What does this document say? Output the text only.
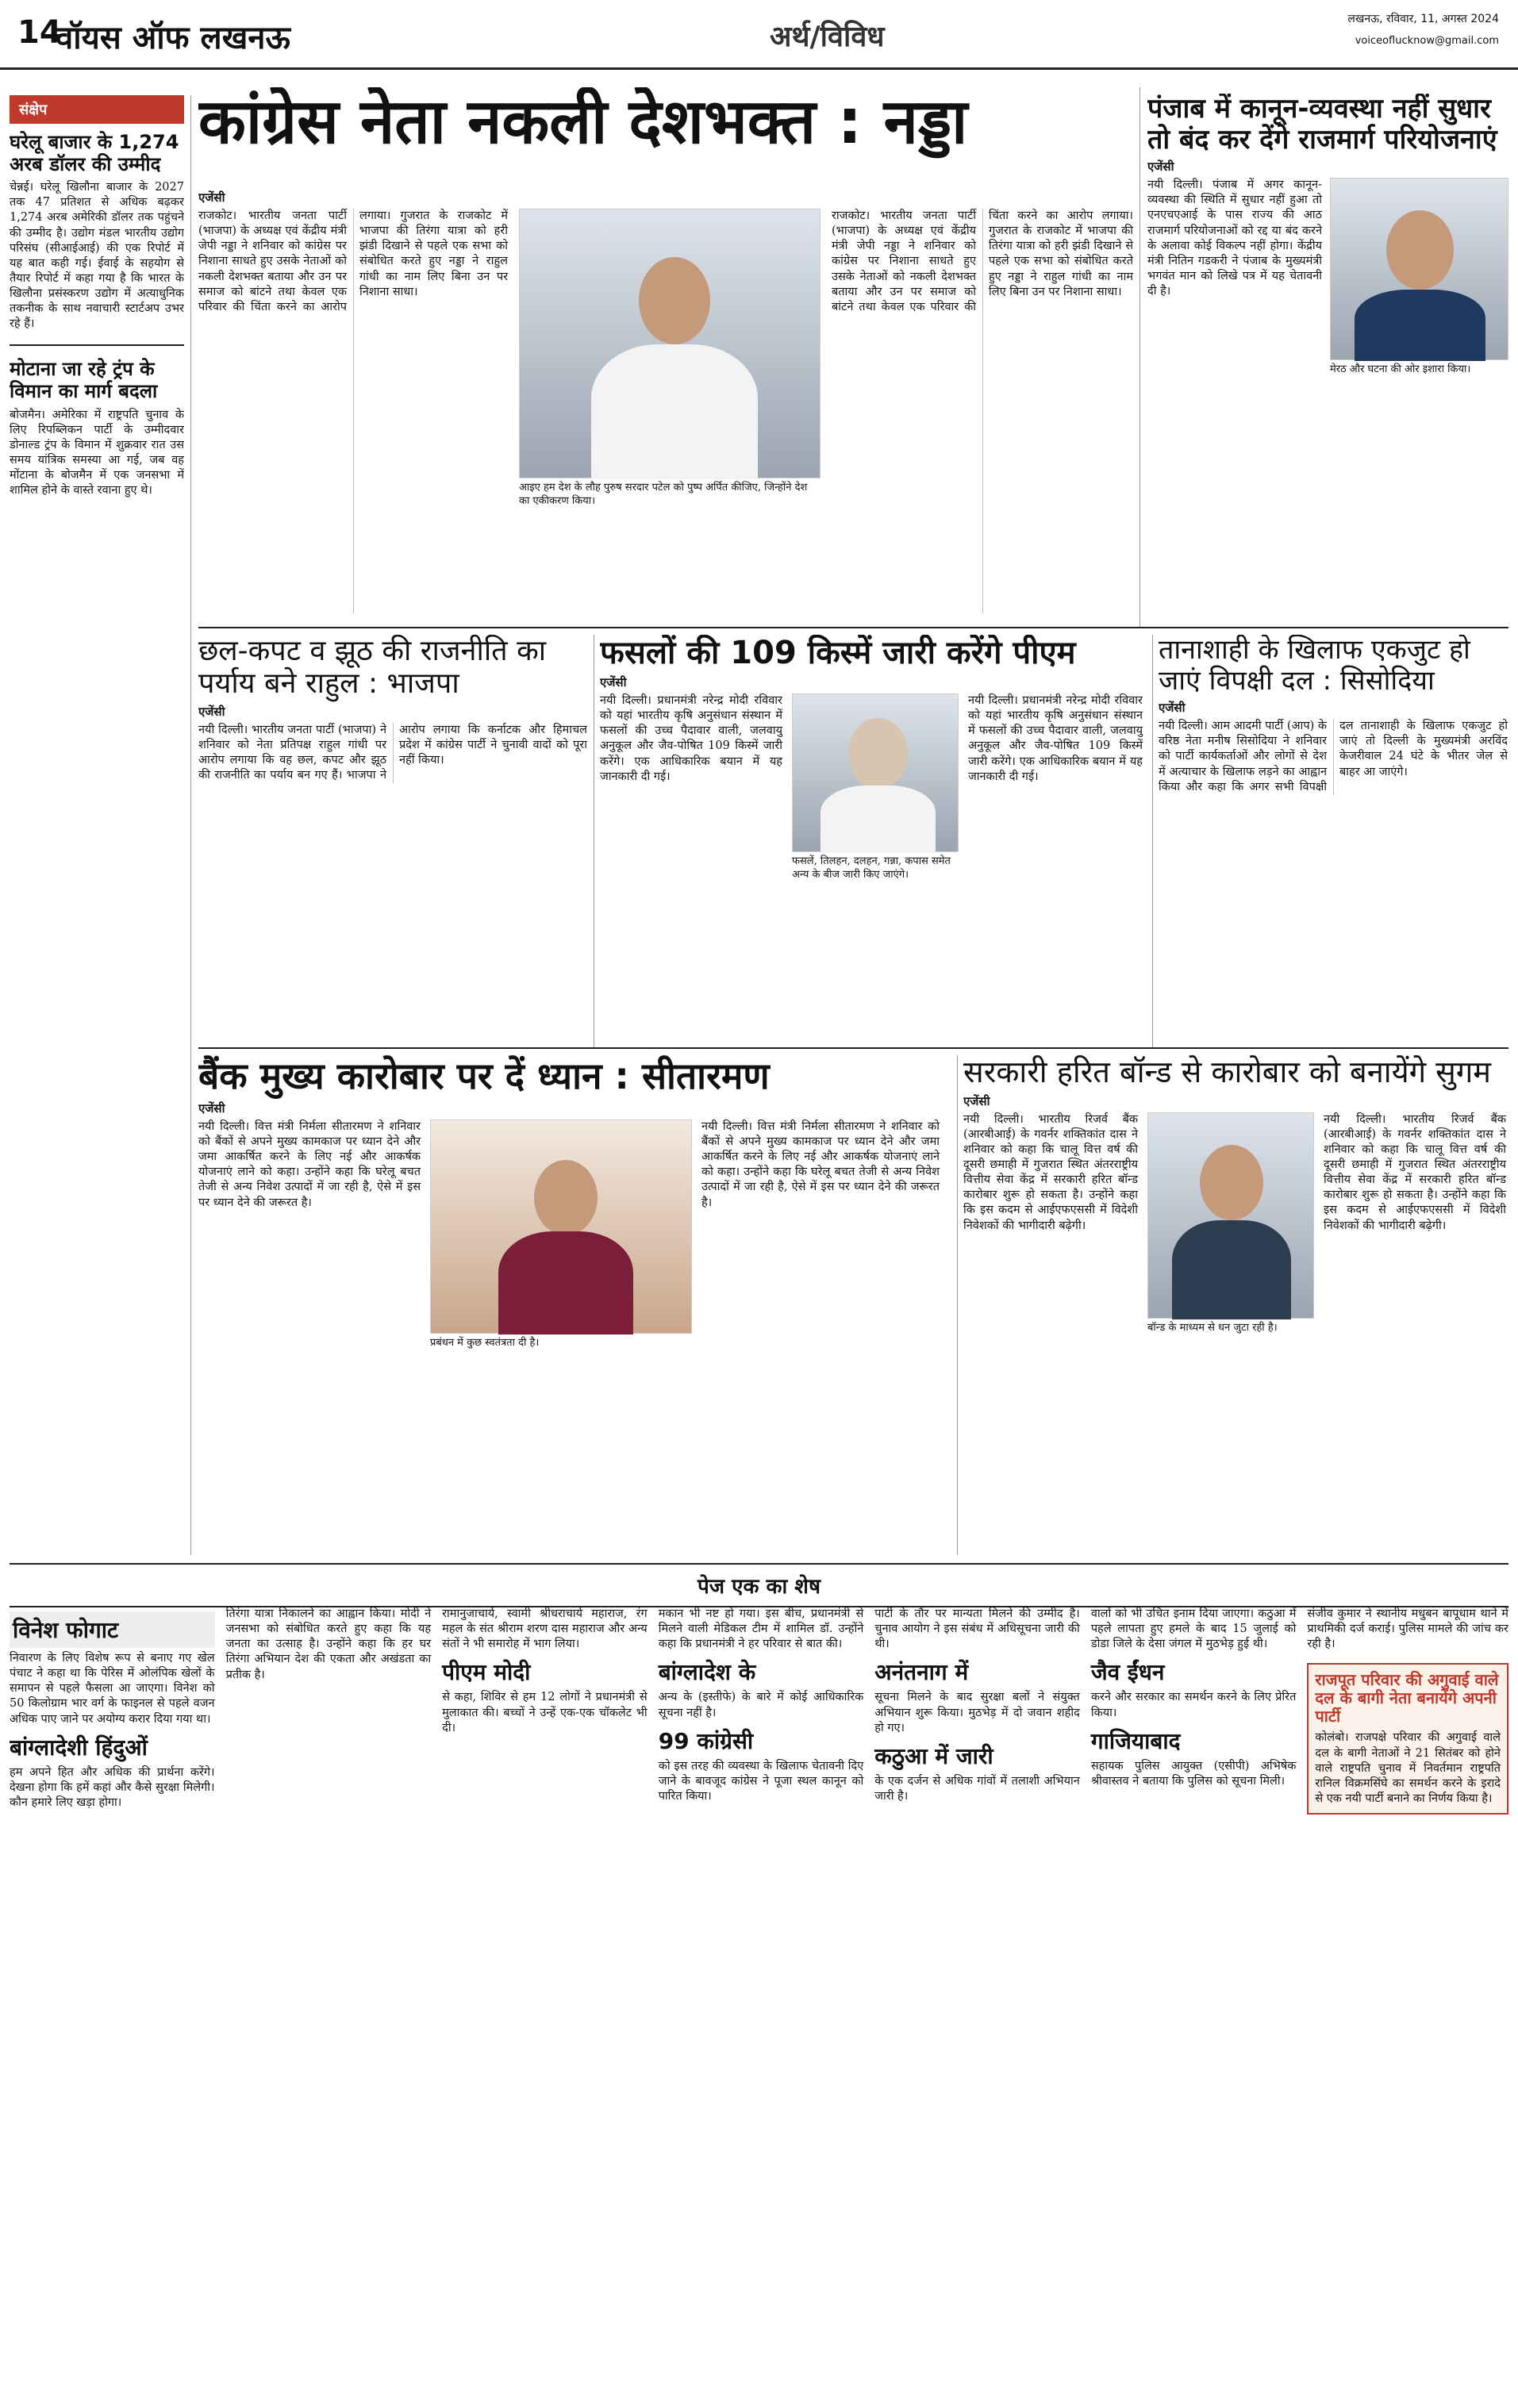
14
वॉयस ऑफ लखनऊ	अर्थ/विविध
लखनऊ, रविवार, 11, अगस्त 2024
voiceoflucknow@gmail.com
संक्षेप
घरेलू बाजार के 1,274 अरब डॉलर की उम्मीद
चेन्नई। घरेलू खिलौना बाजार के 2027 तक 47 प्रतिशत से अधिक बढ़कर 1,274 अरब अमेरिकी डॉलर तक पहुंचने की उम्मीद है। उद्योग मंडल भारतीय उद्योग परिसंघ (सीआईआई) की एक रिपोर्ट में यह बात कही गई। ईवाई के सहयोग से तैयार रिपोर्ट में कहा गया है कि भारत के खिलौना प्रसंस्करण उद्योग में अत्याधुनिक तकनीक के साथ नवाचारी स्टार्टअप उभर रहे हैं।
मोटाना जा रहे ट्रंप के विमान का मार्ग बदला
बोजमैन। अमेरिका में राष्ट्रपति चुनाव के लिए रिपब्लिकन पार्टी के उम्मीदवार डोनाल्ड ट्रंप के विमान में शुक्रवार रात उस समय यांत्रिक समस्या आ गई, जब वह मोंटाना के बोजमैन में एक जनसभा में शामिल होने के वास्ते रवाना हुए थे।
कांग्रेस नेता नकली देशभक्त : नड्डा
एजेंसी
राजकोट। भारतीय जनता पार्टी (भाजपा) के अध्यक्ष एवं केंद्रीय मंत्री जेपी नड्डा ने शनिवार को कांग्रेस पर निशाना साधते हुए उसके नेताओं को नकली देशभक्त बताया और उन पर समाज को बांटने तथा केवल एक परिवार की चिंता करने का आरोप लगाया। गुजरात के राजकोट में भाजपा की तिरंगा यात्रा को हरी झंडी दिखाने से पहले एक सभा को संबोधित करते हुए नड्डा ने राहुल गांधी का नाम लिए बिना उन पर निशाना साधा।
आइए हम देश के लौह पुरुष सरदार पटेल को पुष्प अर्पित कीजिए, जिन्होंने देश का एकीकरण किया।
राजकोट। भारतीय जनता पार्टी (भाजपा) के अध्यक्ष एवं केंद्रीय मंत्री जेपी नड्डा ने शनिवार को कांग्रेस पर निशाना साधते हुए उसके नेताओं को नकली देशभक्त बताया और उन पर समाज को बांटने तथा केवल एक परिवार की चिंता करने का आरोप लगाया। गुजरात के राजकोट में भाजपा की तिरंगा यात्रा को हरी झंडी दिखाने से पहले एक सभा को संबोधित करते हुए नड्डा ने राहुल गांधी का नाम लिए बिना उन पर निशाना साधा।
पंजाब में कानून-व्यवस्था नहीं सुधार तो बंद कर देंगे राजमार्ग परियोजनाएं
एजेंसी
नयी दिल्ली। पंजाब में अगर कानून-व्यवस्था की स्थिति में सुधार नहीं हुआ तो एनएचएआई के पास राज्य की आठ राजमार्ग परियोजनाओं को रद्द या बंद करने के अलावा कोई विकल्प नहीं होगा। केंद्रीय मंत्री नितिन गडकरी ने पंजाब के मुख्यमंत्री भगवंत मान को लिखे पत्र में यह चेतावनी दी है।
मेरठ और घटना की ओर इशारा किया।
छल-कपट व झूठ की राजनीति का पर्याय बने राहुल : भाजपा
एजेंसी
नयी दिल्ली। भारतीय जनता पार्टी (भाजपा) ने शनिवार को नेता प्रतिपक्ष राहुल गांधी पर आरोप लगाया कि वह छल, कपट और झूठ की राजनीति का पर्याय बन गए हैं। भाजपा ने आरोप लगाया कि कर्नाटक और हिमाचल प्रदेश में कांग्रेस पार्टी ने चुनावी वादों को पूरा नहीं किया।
फसलों की 109 किस्में जारी करेंगे पीएम
एजेंसी
नयी दिल्ली। प्रधानमंत्री नरेन्द्र मोदी रविवार को यहां भारतीय कृषि अनुसंधान संस्थान में फसलों की उच्च पैदावार वाली, जलवायु अनुकूल और जैव-पोषित 109 किस्में जारी करेंगे। एक आधिकारिक बयान में यह जानकारी दी गई।
फसलें, तिलहन, दलहन, गन्ना, कपास समेत अन्य के बीज जारी किए जाएंगे।
नयी दिल्ली। प्रधानमंत्री नरेन्द्र मोदी रविवार को यहां भारतीय कृषि अनुसंधान संस्थान में फसलों की उच्च पैदावार वाली, जलवायु अनुकूल और जैव-पोषित 109 किस्में जारी करेंगे। एक आधिकारिक बयान में यह जानकारी दी गई।
तानाशाही के खिलाफ एकजुट हो जाएं विपक्षी दल : सिसोदिया
एजेंसी
नयी दिल्ली। आम आदमी पार्टी (आप) के वरिष्ठ नेता मनीष सिसोदिया ने शनिवार को पार्टी कार्यकर्ताओं और लोगों से देश में अत्याचार के खिलाफ लड़ने का आह्वान किया और कहा कि अगर सभी विपक्षी दल तानाशाही के खिलाफ एकजुट हो जाएं तो दिल्ली के मुख्यमंत्री अरविंद केजरीवाल 24 घंटे के भीतर जेल से बाहर आ जाएंगे।
बैंक मुख्य कारोबार पर दें ध्यान : सीतारमण
एजेंसी
नयी दिल्ली। वित्त मंत्री निर्मला सीतारमण ने शनिवार को बैंकों से अपने मुख्य कामकाज पर ध्यान देने और जमा आकर्षित करने के लिए नई और आकर्षक योजनाएं लाने को कहा। उन्होंने कहा कि घरेलू बचत तेजी से अन्य निवेश उत्पादों में जा रही है, ऐसे में इस पर ध्यान देने की जरूरत है।
प्रबंधन में कुछ स्वतंत्रता दी है।
नयी दिल्ली। वित्त मंत्री निर्मला सीतारमण ने शनिवार को बैंकों से अपने मुख्य कामकाज पर ध्यान देने और जमा आकर्षित करने के लिए नई और आकर्षक योजनाएं लाने को कहा। उन्होंने कहा कि घरेलू बचत तेजी से अन्य निवेश उत्पादों में जा रही है, ऐसे में इस पर ध्यान देने की जरूरत है।
सरकारी हरित बॉन्ड से कारोबार को बनायेंगे सुगम
एजेंसी
नयी दिल्ली। भारतीय रिजर्व बैंक (आरबीआई) के गवर्नर शक्तिकांत दास ने शनिवार को कहा कि चालू वित्त वर्ष की दूसरी छमाही में गुजरात स्थित अंतरराष्ट्रीय वित्तीय सेवा केंद्र में सरकारी हरित बॉन्ड कारोबार शुरू हो सकता है। उन्होंने कहा कि इस कदम से आईएफएससी में विदेशी निवेशकों की भागीदारी बढ़ेगी।
बॉन्ड के माध्यम से धन जुटा रही है।
नयी दिल्ली। भारतीय रिजर्व बैंक (आरबीआई) के गवर्नर शक्तिकांत दास ने शनिवार को कहा कि चालू वित्त वर्ष की दूसरी छमाही में गुजरात स्थित अंतरराष्ट्रीय वित्तीय सेवा केंद्र में सरकारी हरित बॉन्ड कारोबार शुरू हो सकता है। उन्होंने कहा कि इस कदम से आईएफएससी में विदेशी निवेशकों की भागीदारी बढ़ेगी।
पेज एक का शेष
विनेश फोगाट
निवारण के लिए विशेष रूप से बनाए गए खेल पंचाट ने कहा था कि पेरिस में ओलंपिक खेलों के समापन से पहले फैसला आ जाएगा। विनेश को 50 किलोग्राम भार वर्ग के फाइनल से पहले वजन अधिक पाए जाने पर अयोग्य करार दिया गया था।
बांग्लादेशी हिंदुओं
हम अपने हित और अधिक की प्रार्थना करेंगे। देखना होगा कि हमें कहां और कैसे सुरक्षा मिलेगी। कौन हमारे लिए खड़ा होगा।
तिरंगा यात्रा निकालने का आह्वान किया। मोदी ने जनसभा को संबोधित करते हुए कहा कि यह जनता का उत्साह है। उन्होंने कहा कि हर घर तिरंगा अभियान देश की एकता और अखंडता का प्रतीक है।
रामानुजाचार्य, स्वामी श्रीधराचार्य महाराज, रंग महल के संत श्रीराम शरण दास महाराज और अन्य संतों ने भी समारोह में भाग लिया।
पीएम मोदी
से कहा, शिविर से हम 12 लोगों ने प्रधानमंत्री से मुलाकात की। बच्चों ने उन्हें एक-एक चॉकलेट भी दी।
मकान भी नष्ट हो गया। इस बीच, प्रधानमंत्री से मिलने वाली मेडिकल टीम में शामिल डॉ. उन्होंने कहा कि प्रधानमंत्री ने हर परिवार से बात की।
बांग्लादेश के
अन्य के (इस्तीफे) के बारे में कोई आधिकारिक सूचना नहीं है।
99 कांग्रेसी
को इस तरह की व्यवस्था के खिलाफ चेतावनी दिए जाने के बावजूद कांग्रेस ने पूजा स्थल कानून को पारित किया।
पार्टी के तौर पर मान्यता मिलने की उम्मीद है। चुनाव आयोग ने इस संबंध में अधिसूचना जारी की थी।
अनंतनाग में
सूचना मिलने के बाद सुरक्षा बलों ने संयुक्त अभियान शुरू किया। मुठभेड़ में दो जवान शहीद हो गए।
कठुआ में जारी
के एक दर्जन से अधिक गांवों में तलाशी अभियान जारी है।
वालों को भी उचित इनाम दिया जाएगा। कठुआ में पहले लापता हुए हमले के बाद 15 जुलाई को डोडा जिले के देसा जंगल में मुठभेड़ हुई थी।
जैव ईंधन
करने और सरकार का समर्थन करने के लिए प्रेरित किया।
गाजियाबाद
सहायक पुलिस आयुक्त (एसीपी) अभिषेक श्रीवास्तव ने बताया कि पुलिस को सूचना मिली।
संजीव कुमार ने स्थानीय मधुबन बापूधाम थाने में प्राथमिकी दर्ज कराई। पुलिस मामले की जांच कर रही है।
राजपूत परिवार की अगुवाई वाले दल के बागी नेता बनायेंगे अपनी पार्टी
कोलंबो। राजपक्षे परिवार की अगुवाई वाले दल के बागी नेताओं ने 21 सितंबर को होने वाले राष्ट्रपति चुनाव में निवर्तमान राष्ट्रपति रानिल विक्रमसिंघे का समर्थन करने के इरादे से एक नयी पार्टी बनाने का निर्णय किया है।
